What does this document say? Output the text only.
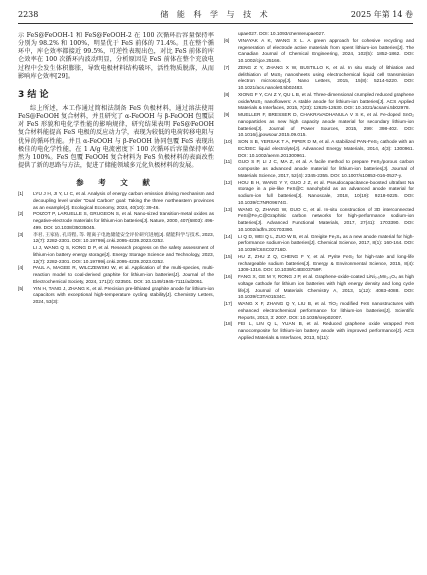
2238	储 能 科 学 与 技 术	2025 年第 14 卷

示 FeS@FeOOH-1 和 FeS@FeOOH-2 在 100 次循环后容量保持率分别为 98.2% 和 100%，明显优于 FeS 前体的 71.4%。且在整个循环中，库仑效率都接近 99.5%，可逆性表现出色，对比 FeS 前体的库仑效率在 100 次循环内波动明显，分析原因是 FeS 前体在整个充放电过程中会发生体积膨胀，导致电极材料结构破坏，活性物质脱落，从而影响库仑效率[29]。

3 结 论

综上所述，本工作通过简相法制备 FeS 负极材料，通过溶法使用 FeS@FeOOH 复合材料，并且研究了 α-FeOOH 与 β-FeOOH 包覆层对 FeS 形貌和电化学性能的影响规律，研究结果表明 FeS@FeOOH 复合材料能提高 FeS 电极的反应动力学，表现为较低的电荷转移电阻与优异的循环性能。并且 α-FeOOH 与 β-FeOOH 协同包覆 FeS 表现出极佳的电化学性能，在 1 A/g 电流密度下 100 次循环后容量保持率依然为 100%。FeS 包覆 FeOOH 复合材料为 FeS 负极材料的表面改性提供了新的思路与方法，促进了储能领域多元化负极材料的发展。

参 考 文 献
[1]	LYU J H, JI Y, LI C, et al. Analysis of energy carbon emission driving mechanism and decoupling level under "Dual Carbon" goal: Taking the three northeastern provinces as an example[J]. Ecological Economy, 2024, 40(10): 39-46.
[2]	POIZOT P, LARUELLE S, GRUGEON S, et al. Nano-sized transition-metal oxides as negative-electrode materials for lithium-ion batteries[J]. Nature, 2000, 407(6803): 496-499. DOI: 10.1038/35035045.
[3]	李君, 王家佑, 孔诗程, 等. 锂离子电池储能安全评价研究进展[J]. 储能科学与技术, 2023, 12(7): 2282-2301. DOI: 10.19799/j.cnki.2095-4239.2023.0252.
LI J, WANG Q S, KONG D P, et al. Research progress on the safety assessment of lithium-ion battery energy storage[J]. Energy Storage Science and Technology, 2023, 12(7): 2282-2301. DOI: 10.19799/j.cnki.2095-4239.2023.0252.
[4]	PAUL A, MAGEE R, WILCZEWSKI W, et al. Application of the multi-species, multi-reaction model to coal-derived graphite for lithium-ion batteries[J]. Journal of the Electrochemical Society, 2024, 171(2): 023501. DOI: 10.1149/1945-7111/ad2061.
[5]	YIN H, TANG J, ZHANG K, et al. Precision pre-lithiated graphite anode for lithium-ion capacitors with exceptional high-temperature cycling stability[J]. Chemistry Letters, 2024, 53(3):
upae027. DOI: 10.1093/chemle/upae027.
[6]	VINAYAK A K, WANG X L. A green approach for cohesive recycling and regeneration of electrode active materials from spent lithium-ion batteries[J]. The Canadian Journal of Chemical Engineering, 2024, 102(5): 1852-1862. DOI: 10.1002/cjce.25166.
[7]	ZENG Z Y, ZHANG X W, BUSTILLO K, et al. In situ study of lithiation and delithiation of MoS₂ nanosheets using electrochemical liquid cell transmission electron microscopy[J]. Nano Letters, 2015, 15(8): 5214-5220. DOI: 10.1021/acs.nanolett.5b02483.
[8]	XIONG F Y, CAI Z Y, QU L B, et al. Three-dimensional crumpled reduced graphene oxide/MoS₂ nanoflowers: A stable anode for lithium-ion batteries[J]. ACS Applied Materials & Interfaces, 2015, 7(23): 12625-12630. DOI: 10.1021/acsami.5b02978.
[9]	MUELLER F, BRESSER D, CHAKRAVADHANULA V S K, et al. Fe-doped SnO₂ nanoparticles as new high capacity anode material for secondary lithium-ion batteries[J]. Journal of Power Sources, 2015, 299: 398-402. DOI: 10.1016/j.jpowsour.2015.09.015.
[10]	SON S B, YERSAK T A, PIPER D M, et al. A stabilized PAN-FeS₂ cathode with an EC/DEC liquid electrolyte[J]. Advanced Energy Materials, 2014, 4(3): 1300961. DOI: 10.1002/aenm.201300961.
[11]	GUO S P, LI J C, MA Z, et al. A facile method to prepare FeS₂/porous carbon composite as advanced anode material for lithium-ion batteries[J]. Journal of Materials Science, 2017, 52(4): 2345-2355. DOI: 10.1007/s10853-016-0527-y.
[12]	HOU B H, WANG Y Y, GUO J Z, et al. Pseudocapacitance-boosted ultrafast Na storage in a pie-like FeS@C nanohybrid as an advanced anode material for sodium-ion full batteries[J]. Nanoscale, 2018, 10(19): 9218-9225. DOI: 10.1039/C7NR09674G.
[13]	WANG Q, ZHANG W, GUO C, et al. In-situ construction of 3D interconnected FeS@Fe₃C@Graphitic carbon networks for high-performance sodium-ion batteries[J]. Advanced Functional Materials, 2017, 27(41): 1703390. DOI: 10.1002/adfm.201703390.
[14]	LI Q D, WEI Q L, ZUO W B, et al. Greigite Fe₃S₄ as a new anode material for high-performance sodium-ion batteries[J]. Chemical Science, 2017, 8(1): 160-164. DOI: 10.1039/C6SC02716D.
[15]	HU Z, ZHU Z Q, CHENG F Y, et al. Pyrite FeS₂ for high-rate and long-life rechargeable sodium batteries[J]. Energy & Environmental Science, 2015, 8(4): 1309-1316. DOI: 10.1039/C4EE03759F.
[16]	FANG X, GE M Y, RONG J P, et al. Graphene-oxide-coated LiNi₀.₅Mn₁.₅O₄ as high voltage cathode for lithium ion batteries with high energy density and long cycle life[J]. Journal of Materials Chemistry A, 2013, 1(12): 4083-4088. DOI: 10.1039/C3TA01534C.
[17]	WANG X F, ZHANG Q Y, LIU B, et al. TiO₂ modified FeS nanostructures with enhanced electrochemical performance for lithium-ion batteries[J]. Scientific Reports, 2013, 3: 2007. DOI: 10.1038/srep02007.
[18]	FEI L, LIN Q L, YUAN B, et al. Reduced graphene oxide wrapped FeS nanocomposite for lithium-ion battery anode with improved performance[J]. ACS Applied Materials & Interfaces, 2013, 5(11):
